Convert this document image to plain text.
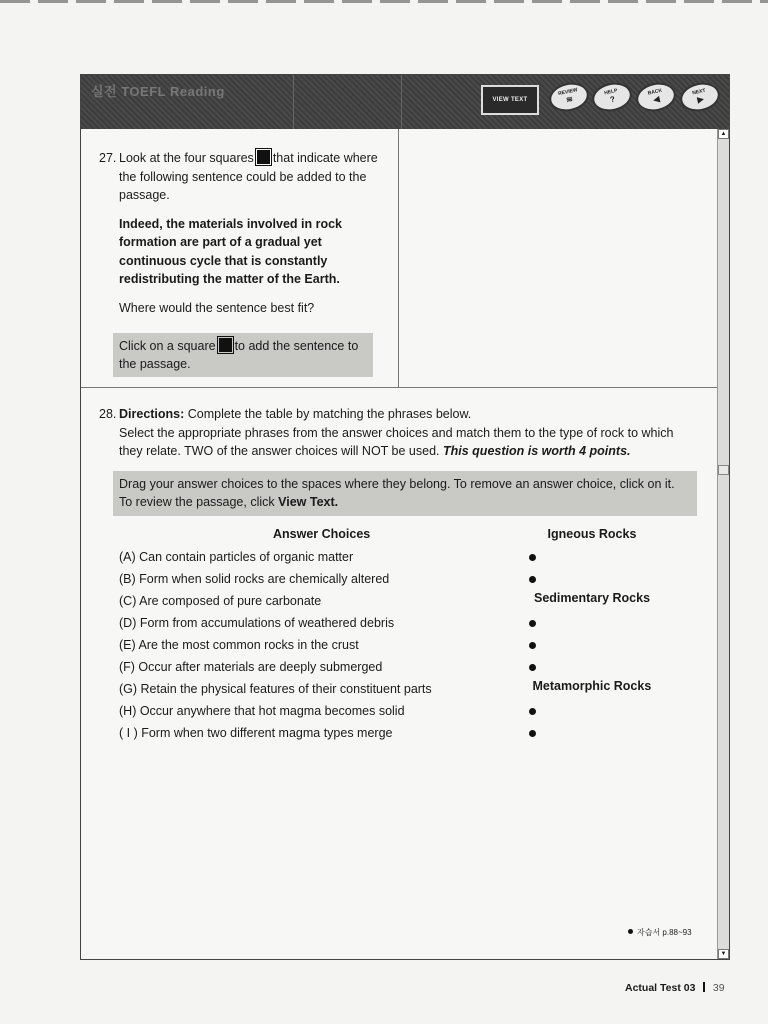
실전 TOEFL Reading
VIEW TEXT
REVIEW
≋
HELP
?
BACK
◀
NEXT
▶
▲
▼
27. Look at the four squares that indicate where the following sentence could be added to the passage.
Indeed, the materials involved in rock formation are part of a gradual yet continuous cycle that is constantly redistributing the matter of the Earth.
Where would the sentence best fit?
Click on a square to add the sentence to the passage.
28. Directions: Complete the table by matching the phrases below.
Select the appropriate phrases from the answer choices and match them to the type of rock to which they relate. TWO of the answer choices will NOT be used. This question is worth 4 points.
Drag your answer choices to the spaces where they belong. To remove an answer choice, click on it. To review the passage, click View Text.
Answer Choices
(A) Can contain particles of organic matter
(B) Form when solid rocks are chemically altered
(C) Are composed of pure carbonate
(D) Form from accumulations of weathered debris
(E) Are the most common rocks in the crust
(F) Occur after materials are deeply submerged
(G) Retain the physical features of their constituent parts
(H) Occur anywhere that hot magma becomes solid
( I ) Form when two different magma types merge
Igneous Rocks
Sedimentary Rocks
Metamorphic Rocks
자습서 p.88~93
Actual Test 03 39
